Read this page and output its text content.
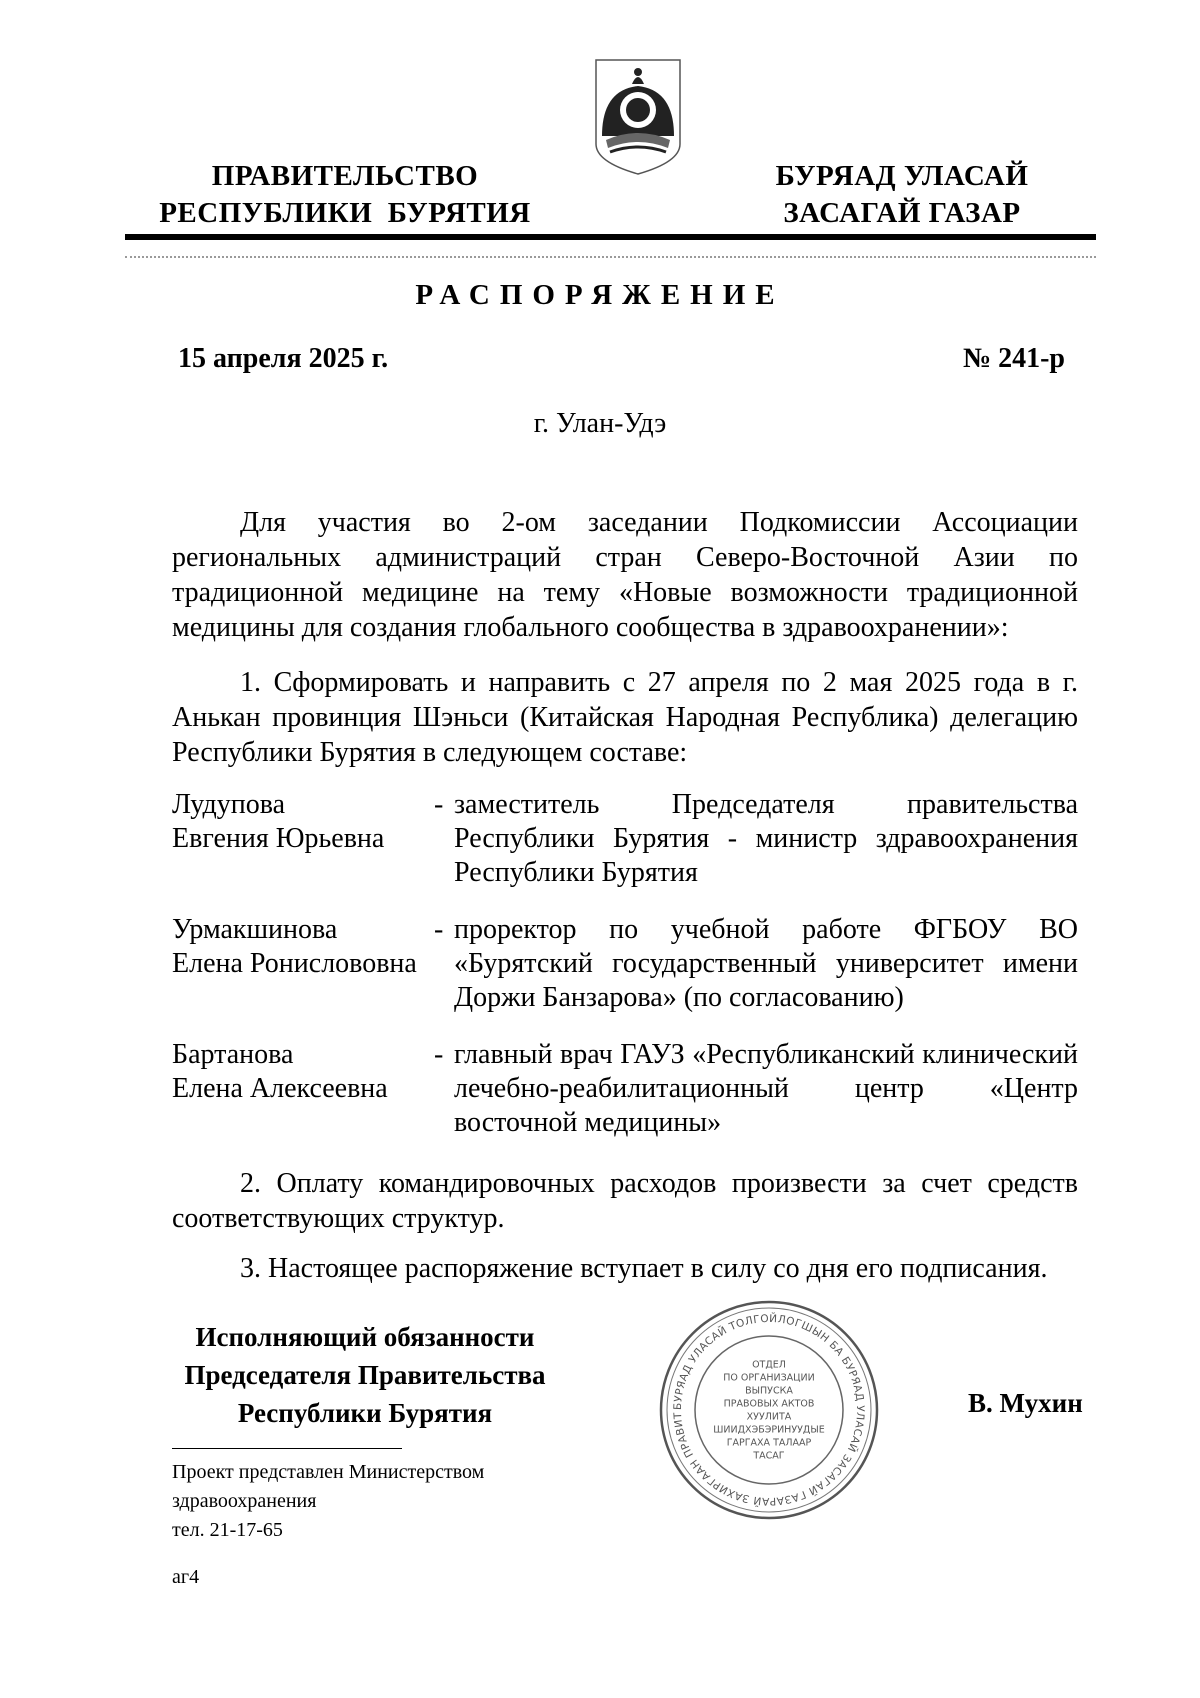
ПРАВИТЕЛЬСТВО
РЕСПУБЛИКИ  БУРЯТИЯ
БУРЯАД УЛАСАЙ
ЗАСАГАЙ ГАЗАР
РАСПОРЯЖЕНИЕ
15 апреля 2025 г.	№ 241-р
г. Улан-Удэ

Для участия во 2-ом заседании Подкомиссии Ассоциации региональных администраций стран Северо-Восточной Азии по традиционной медицине на тему «Новые возможности традиционной медицины для создания глобального сообщества в здравоохранении»:

1. Сформировать и направить с 27 апреля по 2 мая 2025 года в г. Анькан провинция Шэньси (Китайская Народная Республика) делегацию Республики Бурятия в следующем составе:

Лудупова
Евгения Юрьевна
- заместитель Председателя правительства Республики Бурятия - министр здравоохранения Республики Бурятия
Урмакшинова
Елена Ронислововна
- проректор по учебной работе ФГБОУ ВО «Бурятский государственный университет имени Доржи Банзарова» (по согласованию)
Бартанова
Елена Алексеевна
- главный врач ГАУЗ «Республиканский клинический лечебно-реабилитационный центр «Центр восточной медицины»

2. Оплату командировочных расходов произвести за счет средств соответствующих структур.

3. Настоящее распоряжение вступает в силу со дня его подписания.

Исполняющий обязанности
Председателя Правительства
Республики Бурятия	БУРЯАД УЛАСАЙ ТОЛГОЙЛОГШЫН БА БУРЯАД УЛАСАЙ ЗАСАГАЙ ГАЗАРАЙ ЗАХИРГААН ПРАВИТ
ОТДЕЛ
ПО ОРГАНИЗАЦИИ
ВЫПУСКА
ПРАВОВЫХ АКТОВ
ХУУЛИТА
ШИИДХЭБЭРИНУУДЫЕ
ГАРГАХА ТАЛААР
ТАСАГ
В. Мухин
Проект представлен Министерством
здравоохранения
тел. 21-17-65
аг4
